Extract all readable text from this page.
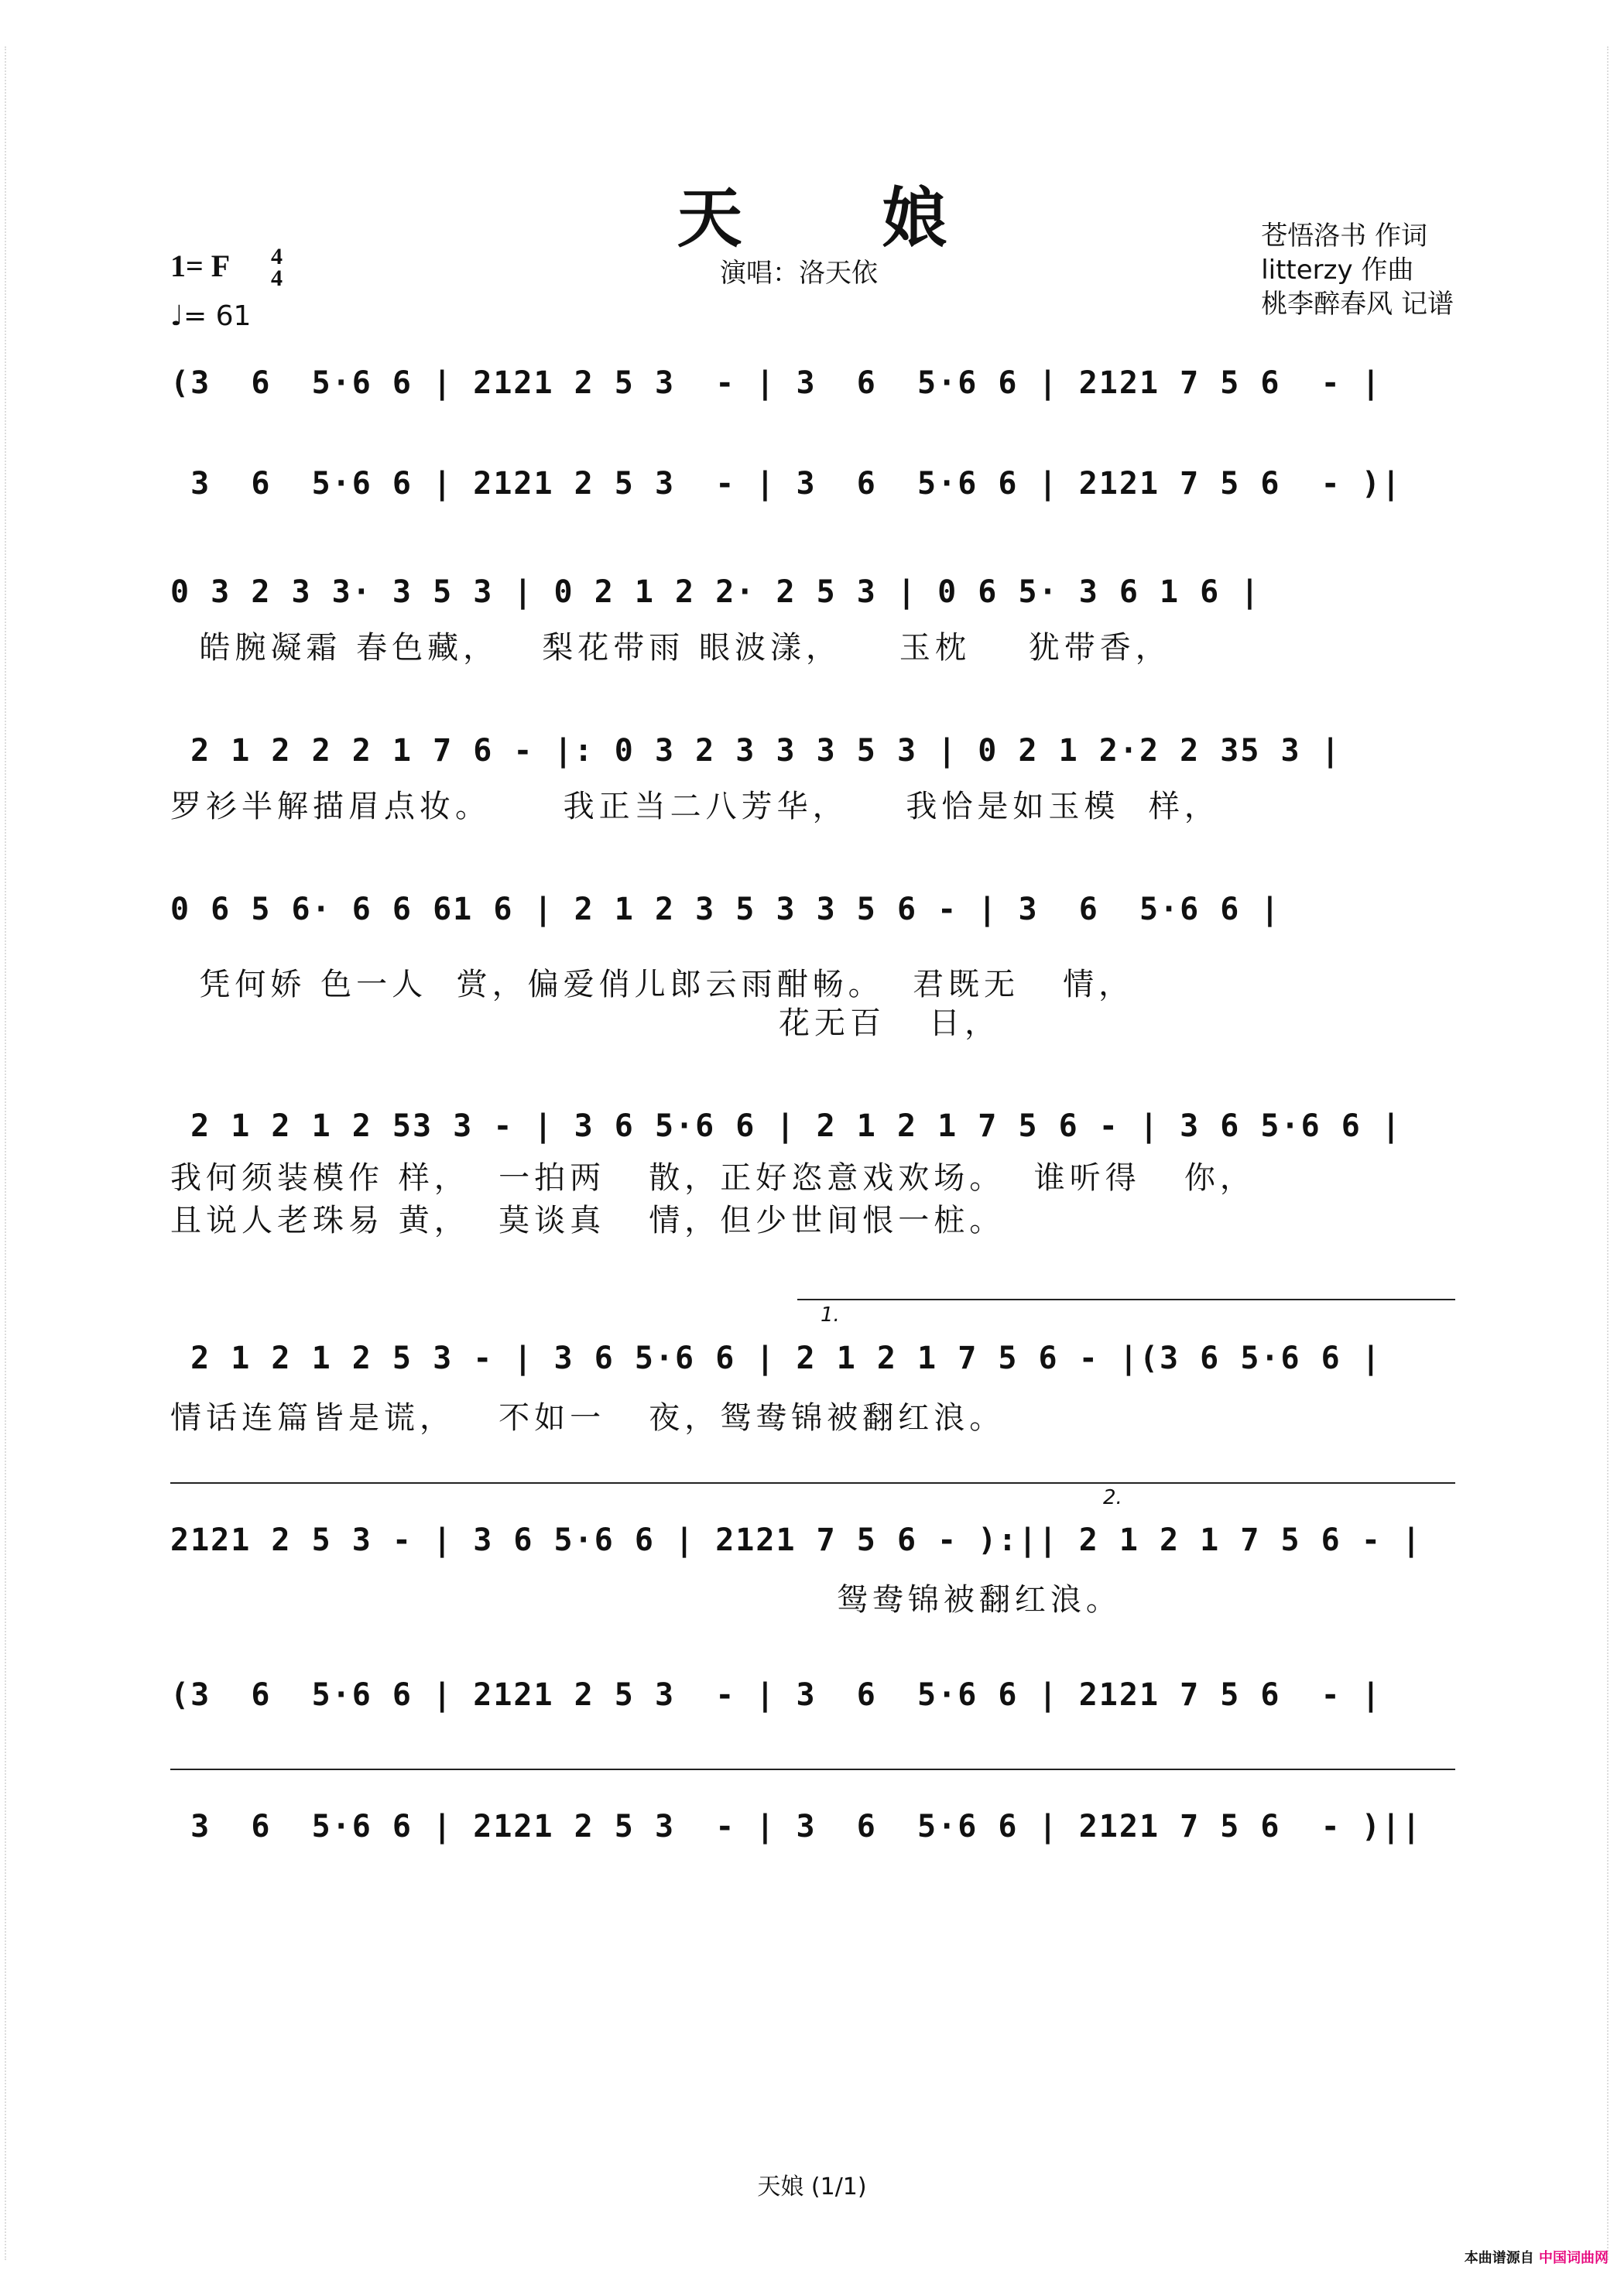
天 娘
演唱：洛天依
苍悟洛书 作词
litterzy 作曲
桃李醉春风 记谱
1= F 4
4
♩= 61
(3  6  5·6 6 | 2121 2 5 3  - | 3  6  5·6 6 | 2121 7 5 6  - |
3  6  5·6 6 | 2121 2 5 3  - | 3  6  5·6 6 | 2121 7 5 6  - )|
0 3 2 3 3· 3 5 3 | 0 2 1 2 2· 2 5 3 | 0 6 5· 3 6 1 6 |
皓腕凝霜 春色藏，   梨花带雨 眼波漾，    玉枕    犹带香，
2 1 2 2 2 1 7 6 - |: 0 3 2 3 3 3 5 3 | 0 2 1 2·2 2 35 3 |
罗衫半解描眉点妆。     我正当二八芳华，    我恰是如玉模  样，
0 6 5 6· 6 6 61 6 | 2 1 2 3 5 3 3 5 6 - | 3  6  5·6 6 |
凭何娇 色一人  赏，偏爱俏儿郎云雨酣畅。  君既无   情，
花无百   日，
2 1 2 1 2 53 3 - | 3 6 5·6 6 | 2 1 2 1 7 5 6 - | 3 6 5·6 6 |
我何须装模作 样，  一拍两   散，正好恣意戏欢场。  谁听得   你，
且说人老珠易 黄，  莫谈真   情，但少世间恨一桩。
1.
2 1 2 1 2 5 3 - | 3 6 5·6 6 | 2 1 2 1 7 5 6 - |(3 6 5·6 6 |
情话连篇皆是谎，   不如一   夜，鸳鸯锦被翻红浪。
2.
2121 2 5 3 - | 3 6 5·6 6 | 2121 7 5 6 - ):|| 2 1 2 1 7 5 6 - |
鸳鸯锦被翻红浪。
(3  6  5·6 6 | 2121 2 5 3  - | 3  6  5·6 6 | 2121 7 5 6  - |
3  6  5·6 6 | 2121 2 5 3  - | 3  6  5·6 6 | 2121 7 5 6  - )||
天娘 (1/1)
本曲谱源自 中国词曲网
